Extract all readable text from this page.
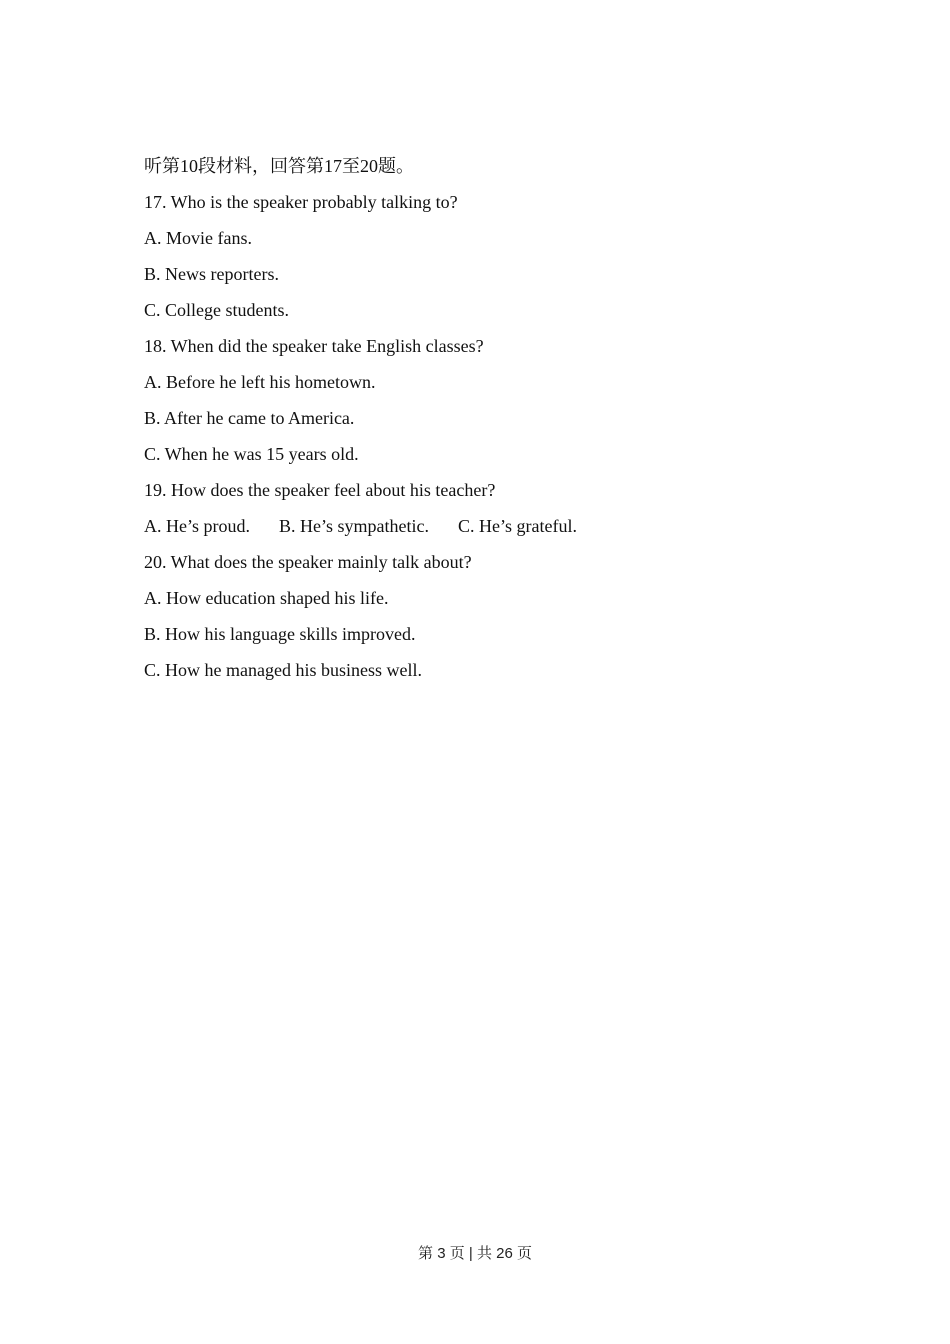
听第10段材料，回答第17至20题。
17. Who is the speaker probably talking to?
A. Movie fans.
B. News reporters.
C. College students.
18. When did the speaker take English classes?
A. Before he left his hometown.
B. After he came to America.
C. When he was 15 years old.
19. How does the speaker feel about his teacher?
A. He’s proud. B. He’s sympathetic. C. He’s grateful.
20. What does the speaker mainly talk about?
A. How education shaped his life.
B. How his language skills improved.
C. How he managed his business well.
第 3 页 | 共 26 页
